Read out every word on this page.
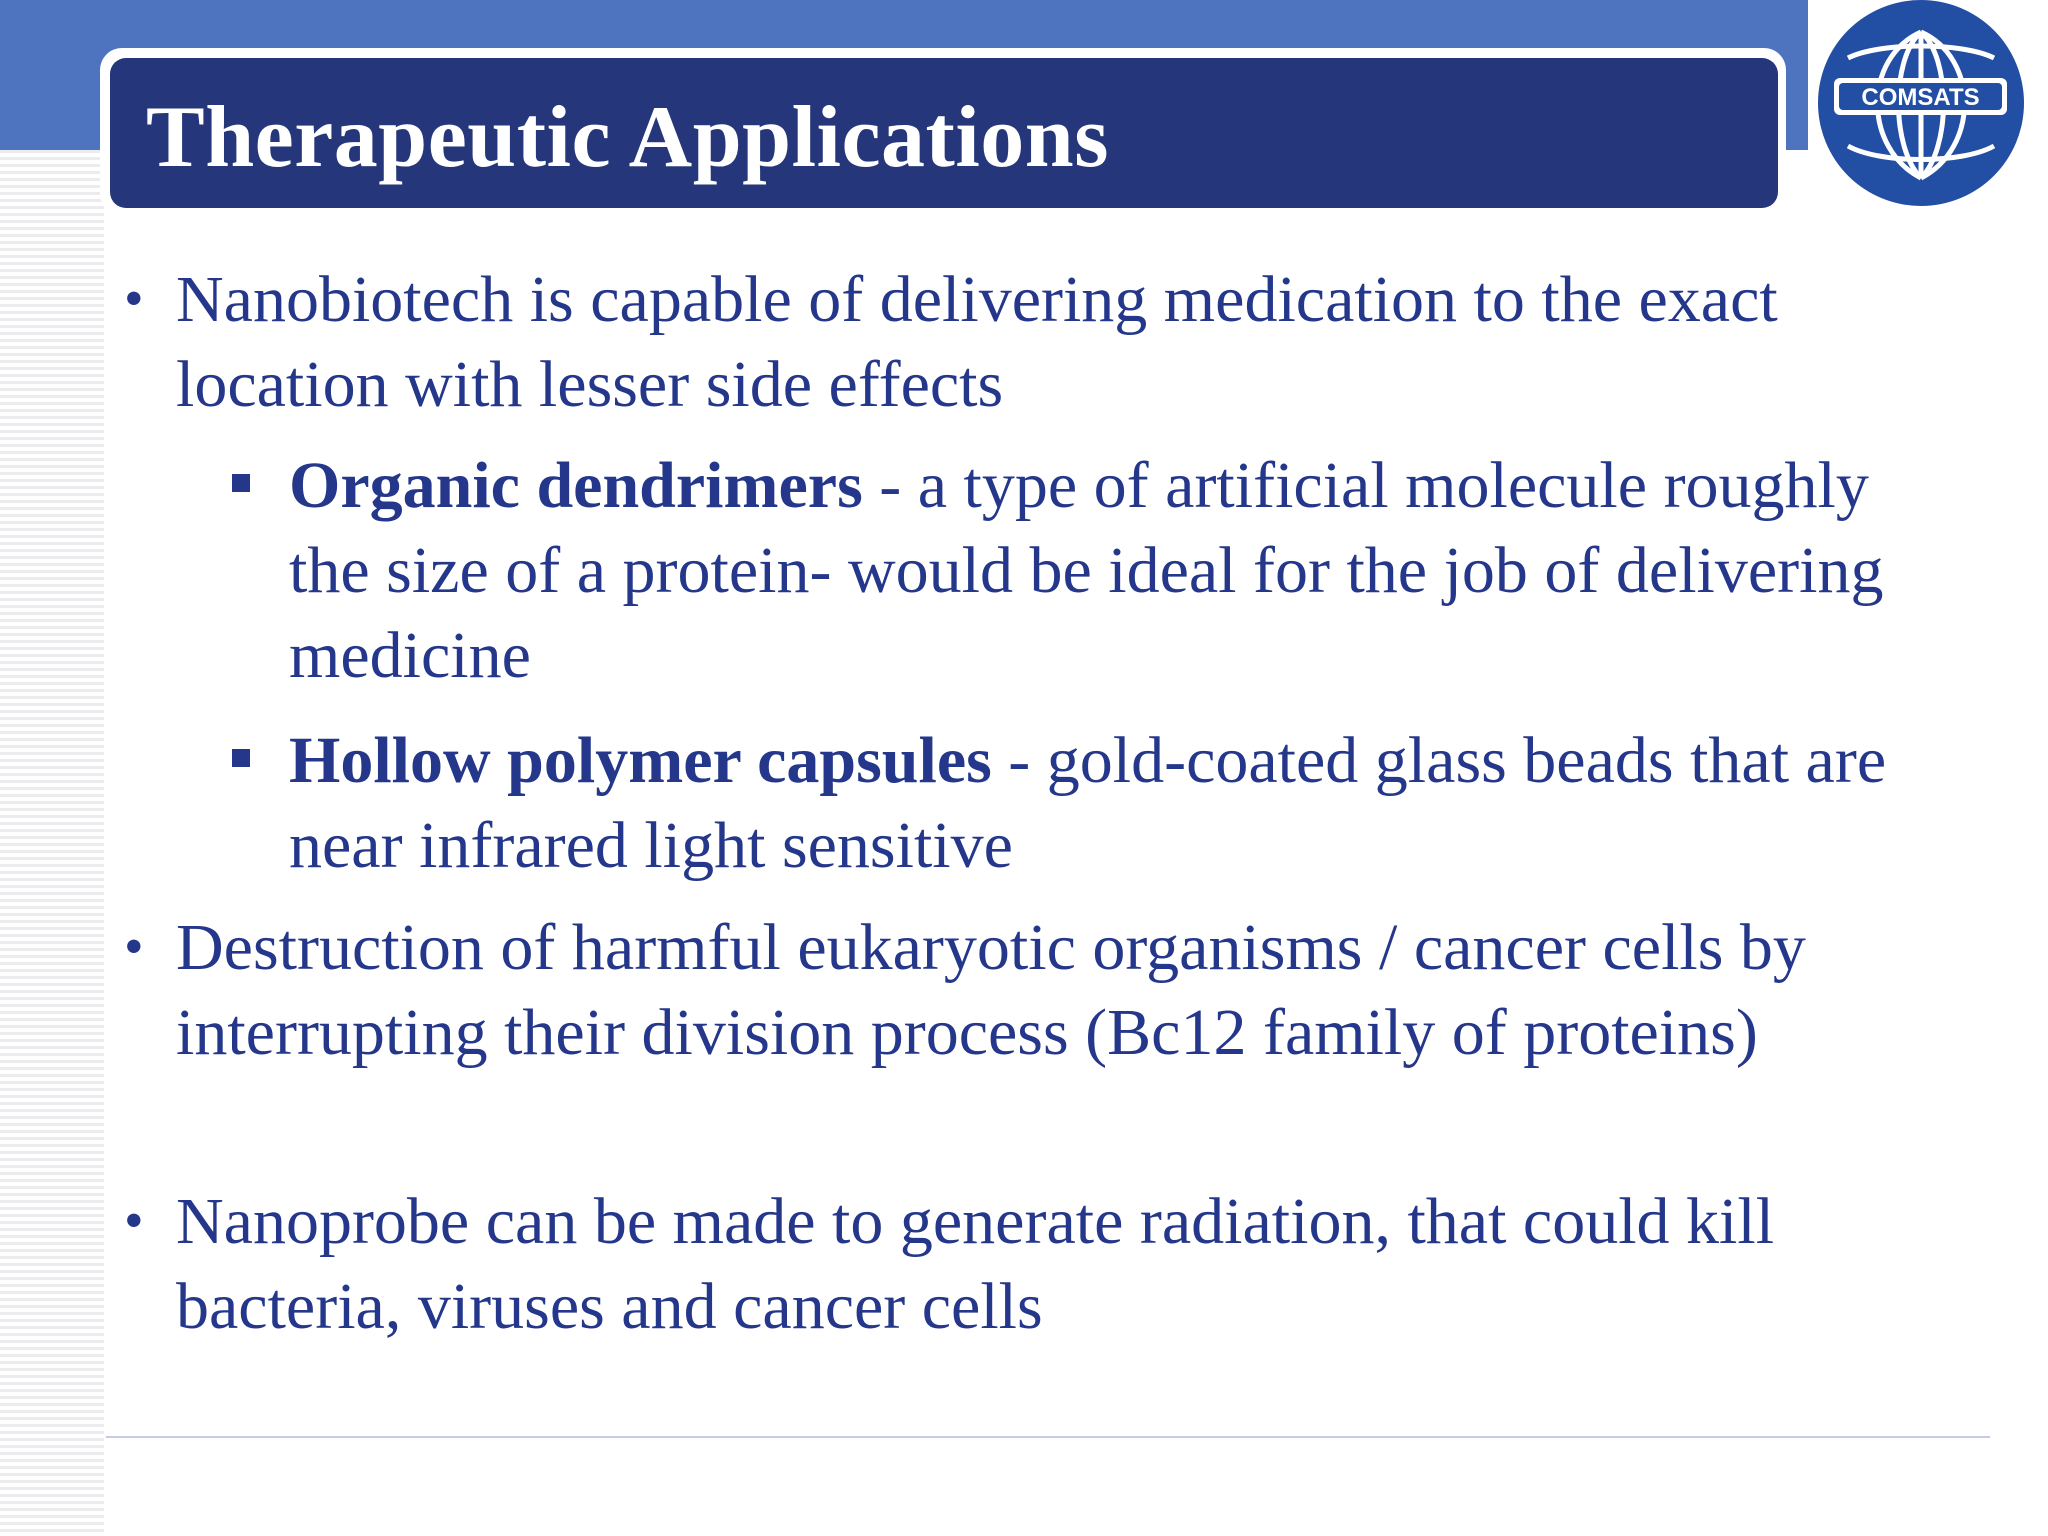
Therapeutic Applications	COMSATS
• Nanobiotech is capable of delivering medication to the exact location with lesser side effects
Organic dendrimers - a type of artificial molecule roughly the size of a protein- would be ideal for the job of delivering medicine
Hollow polymer capsules - gold-coated glass beads that are near infrared light sensitive
• Destruction of harmful eukaryotic organisms / cancer cells by interrupting their division process (Bc12 family of proteins)
• Nanoprobe can be made to generate radiation, that could kill bacteria, viruses and cancer cells
